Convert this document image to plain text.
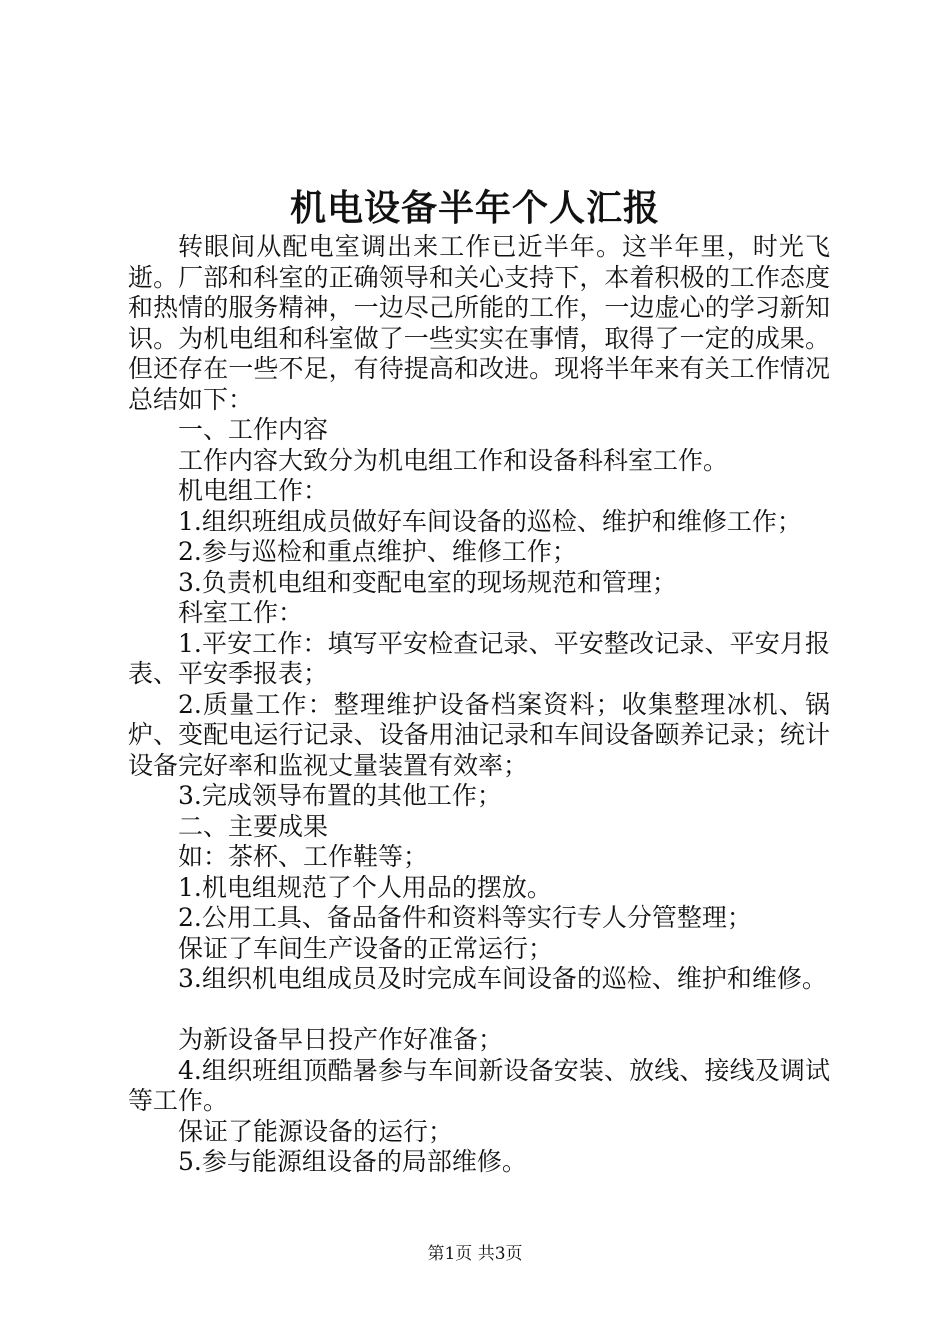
机电设备半年个人汇报

转眼间从配电室调出来工作已近半年。这半年里，时光飞逝。厂部和科室的正确领导和关心支持下，本着积极的工作态度和热情的服务精神，一边尽己所能的工作，一边虚心的学习新知识。为机电组和科室做了一些实实在事情，取得了一定的成果。但还存在一些不足，有待提高和改进。现将半年来有关工作情况总结如下：

一、工作内容

工作内容大致分为机电组工作和设备科科室工作。

机电组工作：

1.组织班组成员做好车间设备的巡检、维护和维修工作；

2.参与巡检和重点维护、维修工作；

3.负责机电组和变配电室的现场规范和管理；

科室工作：

1.平安工作：填写平安检查记录、平安整改记录、平安月报表、平安季报表；

2.质量工作：整理维护设备档案资料；收集整理冰机、锅炉、变配电运行记录、设备用油记录和车间设备颐养记录；统计设备完好率和监视丈量装置有效率；

3.完成领导布置的其他工作；

二、主要成果

如：茶杯、工作鞋等；

1.机电组规范了个人用品的摆放。

2.公用工具、备品备件和资料等实行专人分管整理；

保证了车间生产设备的正常运行；

3.组织机电组成员及时完成车间设备的巡检、维护和维修。

为新设备早日投产作好准备；

4.组织班组顶酷暑参与车间新设备安装、放线、接线及调试等工作。

保证了能源设备的运行；

5.参与能源组设备的局部维修。

第1页 共3页
